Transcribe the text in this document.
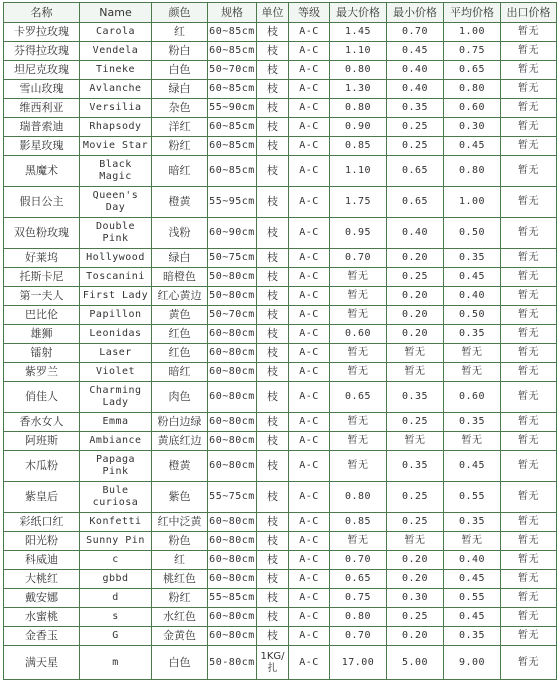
名称	Name	颜色	规格	单位	等级	最大价格	最小价格	平均价格	出口价格
卡罗拉玫瑰	Carola	红	60~85cm	枝	A-C	1.45	0.70	1.00	暂无
芬得拉玫瑰	Vendela	粉白	60~85cm	枝	A-C	1.10	0.45	0.75	暂无
坦尼克玫瑰	Tineke	白色	50~70cm	枝	A-C	0.80	0.40	0.65	暂无
雪山玫瑰	Avlanche	绿白	60~85cm	枝	A-C	1.30	0.40	0.80	暂无
维西利亚	Versilia	杂色	55~90cm	枝	A-C	0.80	0.35	0.60	暂无
瑞普索迪	Rhapsody	洋红	60~85cm	枝	A-C	0.90	0.25	0.30	暂无
影星玫瑰	Movie Star	粉红	60~85cm	枝	A-C	0.85	0.25	0.45	暂无
黑魔术	Black Magic	暗红	60~85cm	枝	A-C	1.10	0.65	0.80	暂无
假日公主	Queen's Day	橙黄	55~95cm	枝	A-C	1.75	0.65	1.00	暂无
双色粉玫瑰	Double Pink	浅粉	60~90cm	枝	A-C	0.95	0.40	0.50	暂无
好莱坞	Hollywood	绿白	50~75cm	枝	A-C	0.70	0.20	0.35	暂无
托斯卡尼	Toscanini	暗橙色	50~80cm	枝	A-C	暂无	0.25	0.45	暂无
第一夫人	First Lady	红心黄边	50~80cm	枝	A-C	暂无	0.20	0.40	暂无
巴比伦	Papillon	黄色	50~70cm	枝	A-C	暂无	0.20	0.50	暂无
雄狮	Leonidas	红色	60~80cm	枝	A-C	0.60	0.20	0.35	暂无
镭射	Laser	红色	60~80cm	枝	A-C	暂无	暂无	暂无	暂无
紫罗兰	Violet	暗红	60~80cm	枝	A-C	暂无	暂无	暂无	暂无
俏佳人	Charming Lady	肉色	60~80cm	枝	A-C	0.65	0.35	0.60	暂无
香水女人	Emma	粉白边绿	60~80cm	枝	A-C	暂无	0.25	0.35	暂无
阿班斯	Ambiance	黄底红边	60~80cm	枝	A-C	暂无	暂无	暂无	暂无
木瓜粉	Papaga Pink	橙黄	60~80cm	枝	A-C	暂无	0.35	0.45	暂无
紫皇后	Bule curiosa	紫色	55~75cm	枝	A-C	0.80	0.25	0.55	暂无
彩纸口红	Konfetti	红中泛黄	60~80cm	枝	A-C	0.85	0.25	0.35	暂无
阳光粉	Sunny Pin	粉色	60~80cm	枝	A-C	暂无	暂无	暂无	暂无
科威迪	c	红	60~80cm	枝	A-C	0.70	0.20	0.40	暂无
大桃红	gbbd	桃红色	60~80cm	枝	A-C	0.65	0.20	0.45	暂无
戴安娜	d	粉红	55~85cm	枝	A-C	0.75	0.30	0.55	暂无
水蜜桃	s	水红色	60~80cm	枝	A-C	0.80	0.25	0.45	暂无
金香玉	G	金黄色	60~80cm	枝	A-C	0.70	0.20	0.35	暂无
满天星	m	白色	50-80cm	1KG/扎	A-C	17.00	5.00	9.00	暂无
